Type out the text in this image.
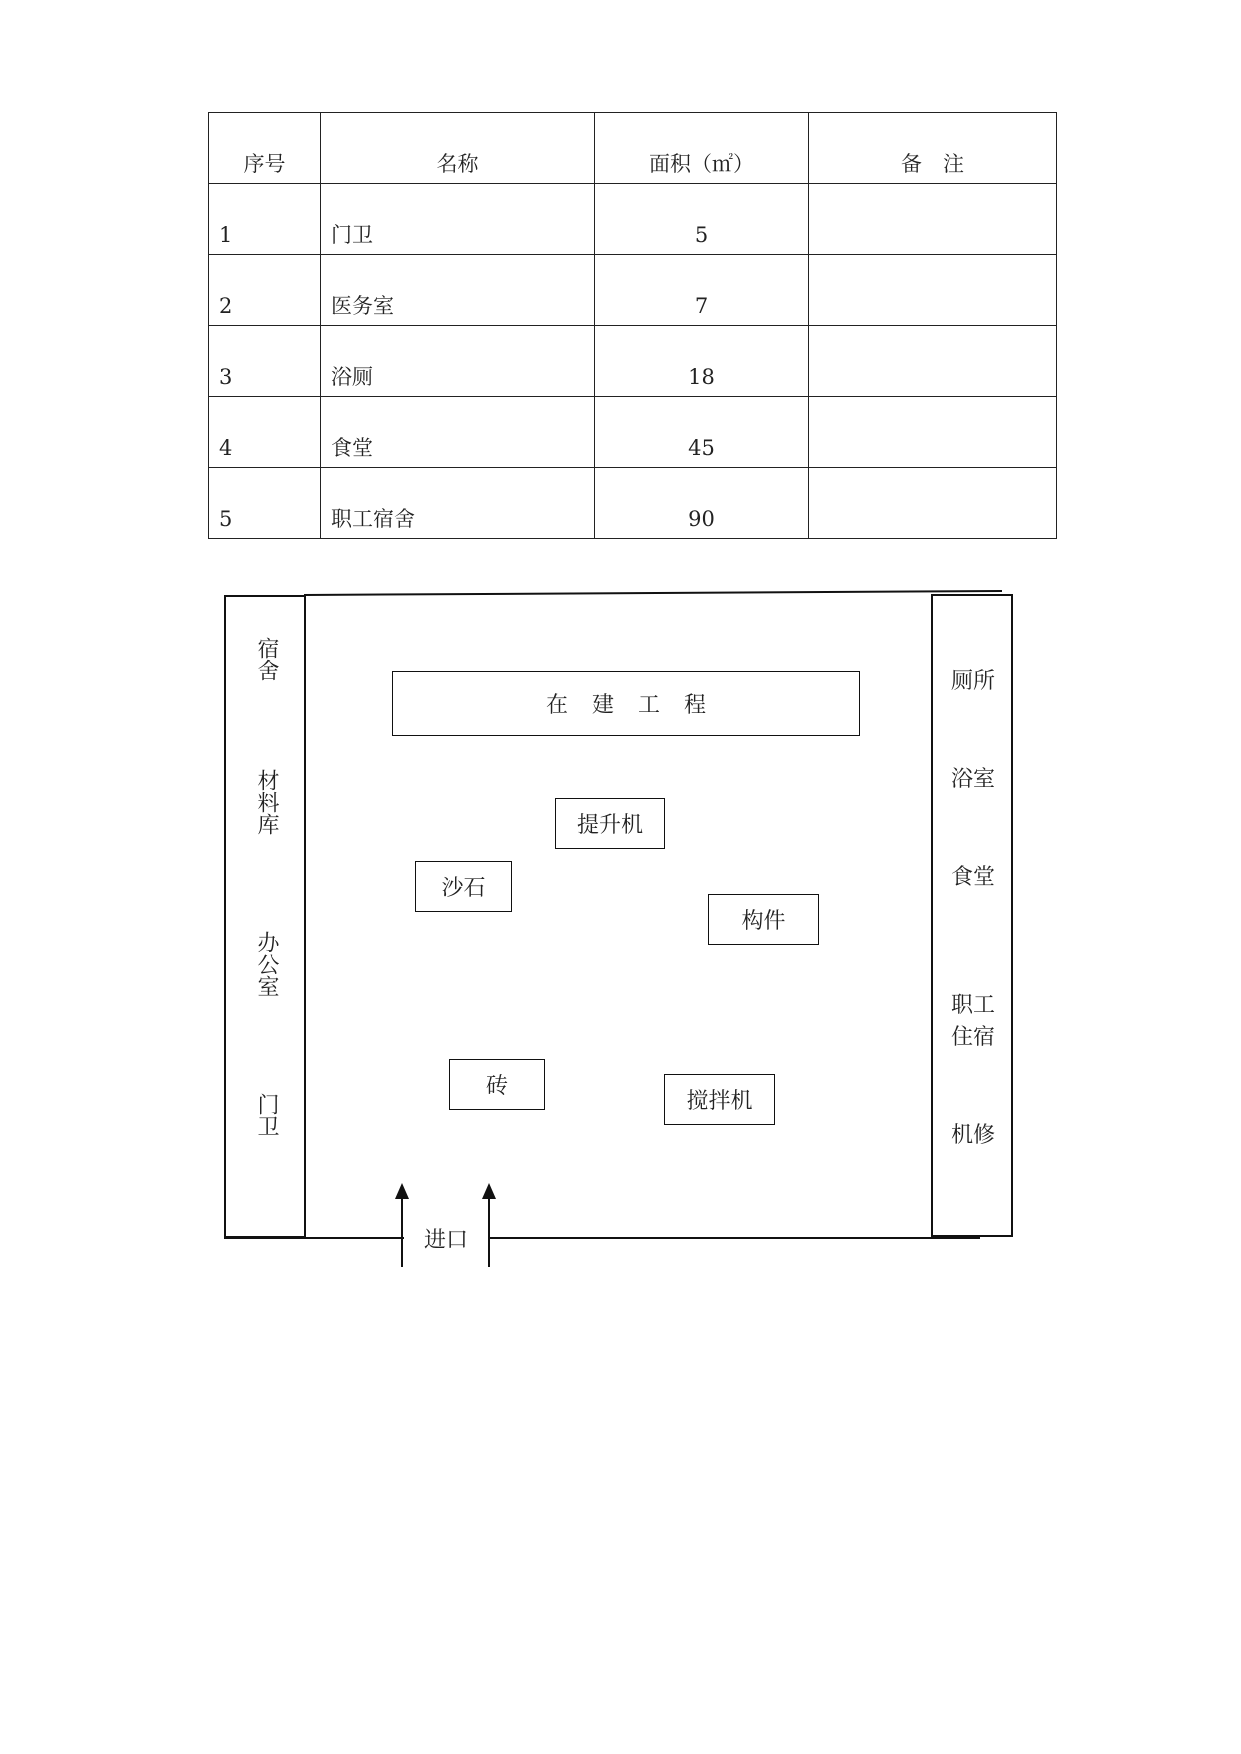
序号	名称	面积（㎡）	备　注
1	门卫	5	
2	医务室	7	
3	浴厕	18	
4	食堂	45	
5	职工宿舍	90	
宿舍
材料库
办公室
门卫
厕所
浴室
食堂
职工住宿
机修
在建工程
提升机
沙石
构件
砖
搅拌机
进口
